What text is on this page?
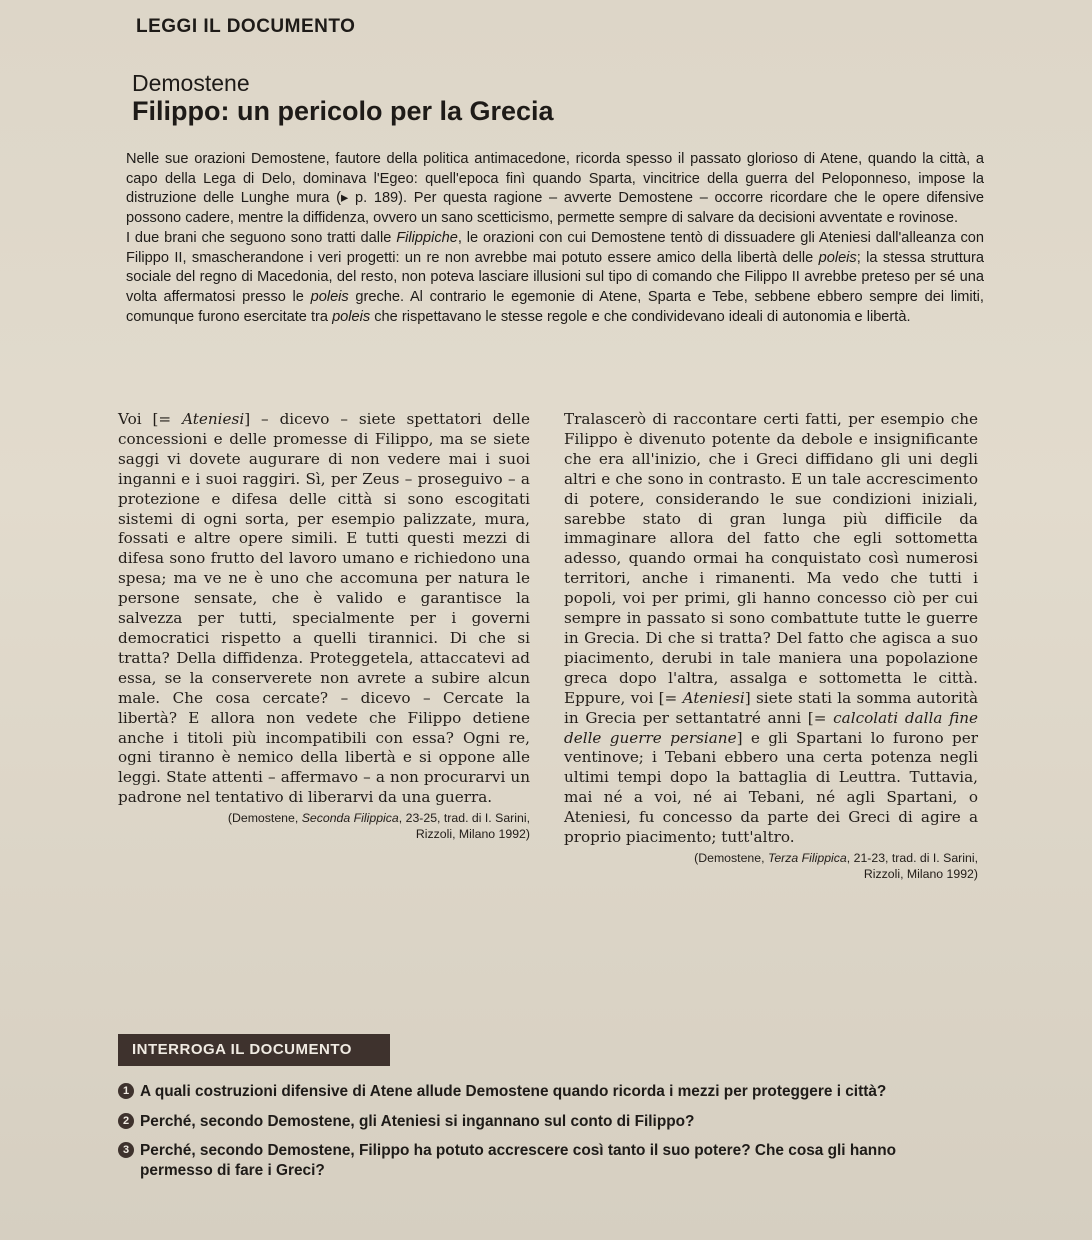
LEGGI IL DOCUMENTO
Demostene
Filippo: un pericolo per la Grecia

Nelle sue orazioni Demostene, fautore della politica antimacedone, ricorda spesso il passato glorioso di Atene, quando la città, a capo della Lega di Delo, dominava l'Egeo: quell'epoca finì quando Sparta, vincitrice della guerra del Peloponneso, impose la distruzione delle Lunghe mura (▸ p. 189). Per questa ragione – avverte Demostene – occorre ricordare che le opere difensive possono cadere, mentre la diffidenza, ovvero un sano scetticismo, permette sempre di salvare da decisioni avventate e rovinose.

I due brani che seguono sono tratti dalle Filippiche, le orazioni con cui Demostene tentò di dissuadere gli Ateniesi dall'alleanza con Filippo II, smascherandone i veri progetti: un re non avrebbe mai potuto essere amico della libertà delle poleis; la stessa struttura sociale del regno di Macedonia, del resto, non poteva lasciare illusioni sul tipo di comando che Filippo II avrebbe preteso per sé una volta affermatosi presso le poleis greche. Al contrario le egemonie di Atene, Sparta e Tebe, sebbene ebbero sempre dei limiti, comunque furono esercitate tra poleis che rispettavano le stesse regole e che condividevano ideali di autonomia e libertà.

Voi [= Ateniesi] – dicevo – siete spettatori delle concessioni e delle promesse di Filippo, ma se siete saggi vi dovete augurare di non vedere mai i suoi inganni e i suoi raggiri. Sì, per Zeus – proseguivo – a protezione e difesa delle città si sono escogitati sistemi di ogni sorta, per esempio palizzate, mura, fossati e altre opere simili. E tutti questi mezzi di difesa sono frutto del lavoro umano e richiedono una spesa; ma ve ne è uno che accomuna per natura le persone sensate, che è valido e garantisce la salvezza per tutti, specialmente per i governi democratici rispetto a quelli tirannici. Di che si tratta? Della diffidenza. Proteggetela, attaccatevi ad essa, se la conserverete non avrete a subire alcun male. Che cosa cercate? – dicevo – Cercate la libertà? E allora non vedete che Filippo detiene anche i titoli più incompatibili con essa? Ogni re, ogni tiranno è nemico della libertà e si oppone alle leggi. State attenti – affermavo – a non procurarvi un padrone nel tentativo di liberarvi da una guerra.

(Demostene, Seconda Filippica, 23-25, trad. di I. Sarini,
Rizzoli, Milano 1992)

Tralascerò di raccontare certi fatti, per esempio che Filippo è divenuto potente da debole e insignificante che era all'inizio, che i Greci diffidano gli uni degli altri e che sono in contrasto. E un tale accrescimento di potere, considerando le sue condizioni iniziali, sarebbe stato di gran lunga più difficile da immaginare allora del fatto che egli sottometta adesso, quando ormai ha conquistato così numerosi territori, anche i rimanenti. Ma vedo che tutti i popoli, voi per primi, gli hanno concesso ciò per cui sempre in passato si sono combattute tutte le guerre in Grecia. Di che si tratta? Del fatto che agisca a suo piacimento, derubi in tale maniera una popolazione greca dopo l'altra, assalga e sottometta le città. Eppure, voi [= Ateniesi] siete stati la somma autorità in Grecia per settantatré anni [= calcolati dalla fine delle guerre persiane] e gli Spartani lo furono per ventinove; i Tebani ebbero una certa potenza negli ultimi tempi dopo la battaglia di Leuttra. Tuttavia, mai né a voi, né ai Tebani, né agli Spartani, o Ateniesi, fu concesso da parte dei Greci di agire a proprio piacimento; tutt'altro.

(Demostene, Terza Filippica, 21-23, trad. di I. Sarini,
Rizzoli, Milano 1992)
INTERROGA IL DOCUMENTO
1 A quali costruzioni difensive di Atene allude Demostene quando ricorda i mezzi per proteggere i città?
2 Perché, secondo Demostene, gli Ateniesi si ingannano sul conto di Filippo?
3 Perché, secondo Demostene, Filippo ha potuto accrescere così tanto il suo potere? Che cosa gli hanno permesso di fare i Greci?
